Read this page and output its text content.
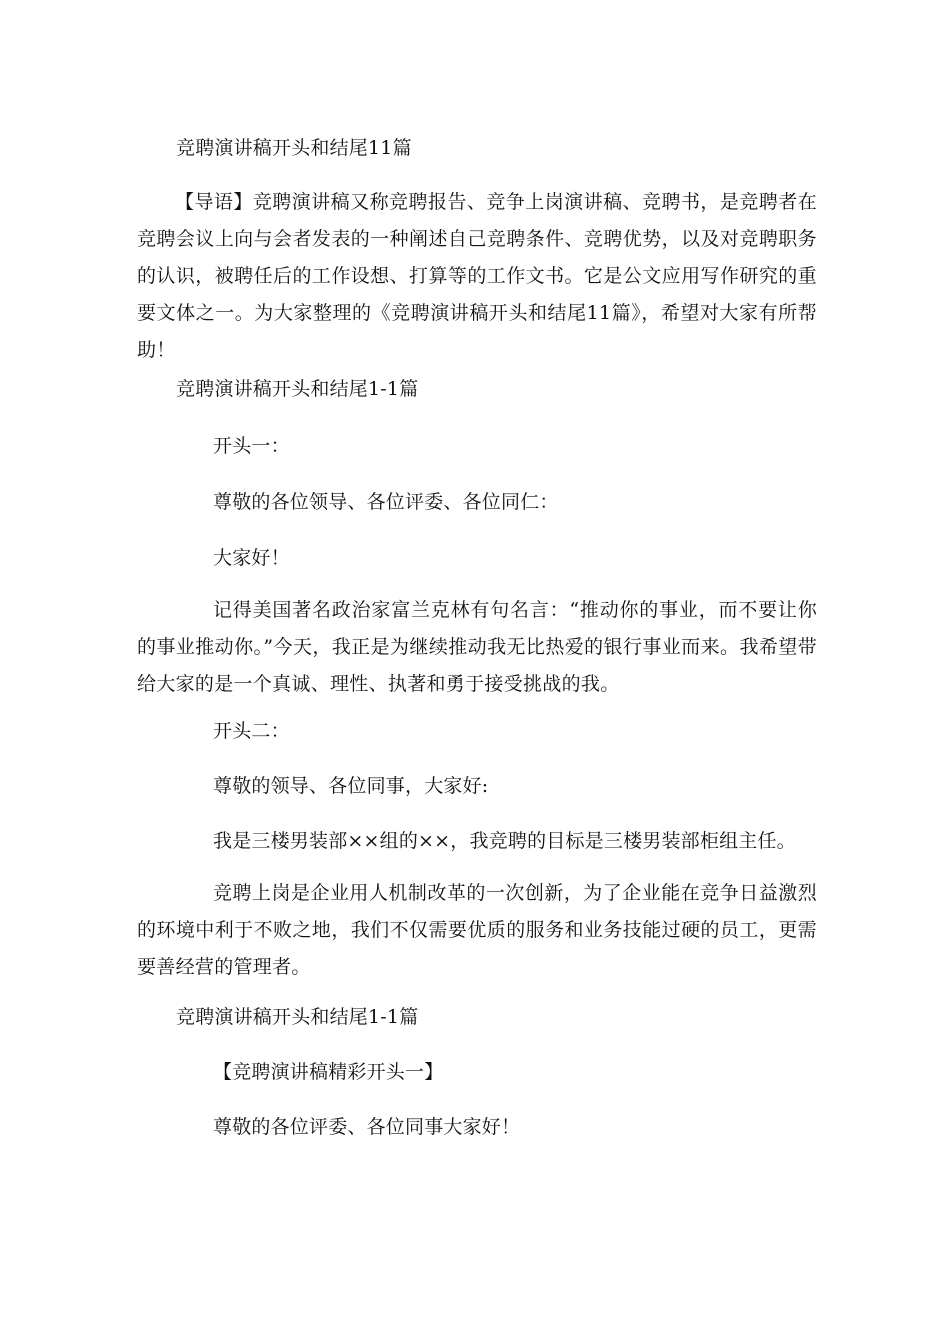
竞聘演讲稿开头和结尾11篇
【导语】竞聘演讲稿又称竞聘报告、竞争上岗演讲稿、竞聘书，是竞聘者在竞聘会议上向与会者发表的一种阐述自己竞聘条件、竞聘优势，以及对竞聘职务的认识，被聘任后的工作设想、打算等的工作文书。它是公文应用写作研究的重要文体之一。为大家整理的《竞聘演讲稿开头和结尾11篇》，希望对大家有所帮助！
竞聘演讲稿开头和结尾1-1篇
开头一：
尊敬的各位领导、各位评委、各位同仁：
大家好！
记得美国著名政治家富兰克林有句名言：“推动你的事业，而不要让你的事业推动你。”今天，我正是为继续推动我无比热爱的银行事业而来。我希望带给大家的是一个真诚、理性、执著和勇于接受挑战的我。
开头二：
尊敬的领导、各位同事，大家好:
我是三楼男装部××组的××，我竞聘的目标是三楼男装部柜组主任。
竞聘上岗是企业用人机制改革的一次创新，为了企业能在竞争日益激烈的环境中利于不败之地，我们不仅需要优质的服务和业务技能过硬的员工，更需要善经营的管理者。
竞聘演讲稿开头和结尾1-1篇
【竞聘演讲稿精彩开头一】
尊敬的各位评委、各位同事大家好！
